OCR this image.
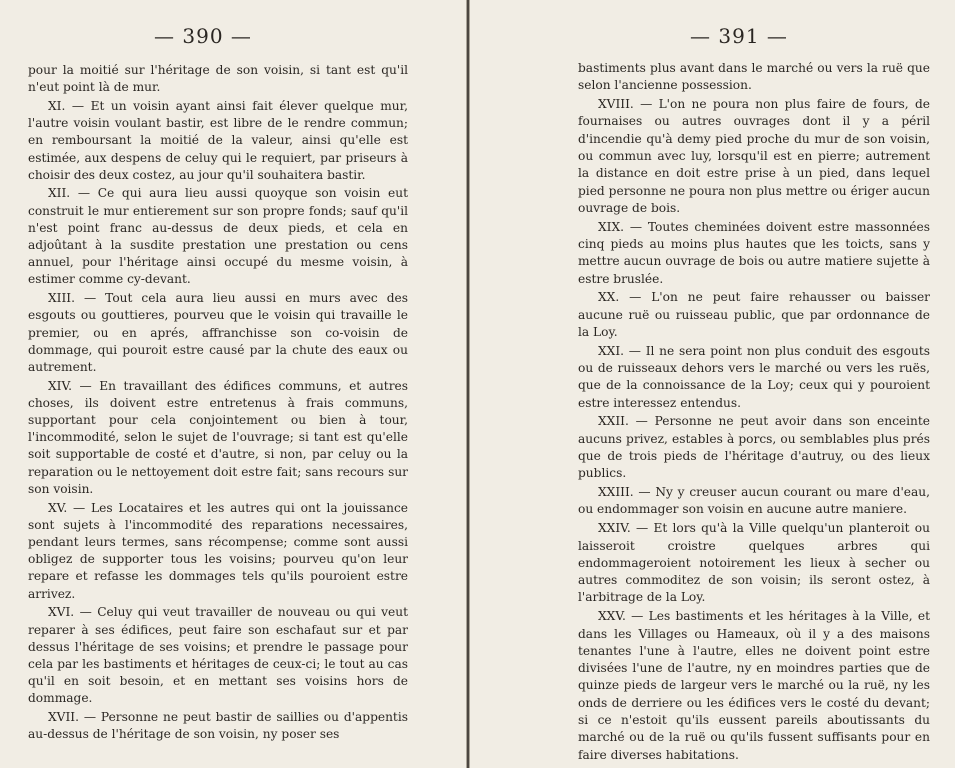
— 390 —

pour la moitié sur l'héritage de son voisin, si tant est qu'il n'eut point là de mur.

XI. — Et un voisin ayant ainsi fait élever quelque mur, l'autre voisin voulant bastir, est libre de le rendre commun; en remboursant la moitié de la valeur, ainsi qu'elle est estimée, aux despens de celuy qui le requiert, par priseurs à choisir des deux costez, au jour qu'il souhaitera bastir.

XII. — Ce qui aura lieu aussi quoyque son voisin eut construit le mur entierement sur son propre fonds; sauf qu'il n'est point franc au-dessus de deux pieds, et cela en adjoûtant à la susdite prestation une prestation ou cens annuel, pour l'héritage ainsi occupé du mesme voisin, à estimer comme cy-devant.

XIII. — Tout cela aura lieu aussi en murs avec des esgouts ou gouttieres, pourveu que le voisin qui travaille le premier, ou en aprés, affranchisse son co-voisin de dommage, qui pouroit estre causé par la chute des eaux ou autrement.

XIV. — En travaillant des édifices communs, et autres choses, ils doivent estre entretenus à frais communs, supportant pour cela conjointement ou bien à tour, l'incommodité, selon le sujet de l'ouvrage; si tant est qu'elle soit supportable de costé et d'autre, si non, par celuy ou la reparation ou le nettoyement doit estre fait; sans recours sur son voisin.

XV. — Les Locataires et les autres qui ont la jouissance sont sujets à l'incommodité des reparations necessaires, pendant leurs termes, sans récompense; comme sont aussi obligez de supporter tous les voisins; pourveu qu'on leur repare et refasse les dommages tels qu'ils pouroient estre arrivez.

XVI. — Celuy qui veut travailler de nouveau ou qui veut reparer à ses édifices, peut faire son eschafaut sur et par dessus l'héritage de ses voisins; et prendre le passage pour cela par les bastiments et héritages de ceux-ci; le tout au cas qu'il en soit besoin, et en mettant ses voisins hors de dommage.

XVII. — Personne ne peut bastir de saillies ou d'appentis au-dessus de l'héritage de son voisin, ny poser ses

— 391 —

bastiments plus avant dans le marché ou vers la ruë que selon l'ancienne possession.

XVIII. — L'on ne poura non plus faire de fours, de fournaises ou autres ouvrages dont il y a péril d'incendie qu'à demy pied proche du mur de son voisin, ou commun avec luy, lorsqu'il est en pierre; autrement la distance en doit estre prise à un pied, dans lequel pied personne ne poura non plus mettre ou ériger aucun ouvrage de bois.

XIX. — Toutes cheminées doivent estre massonnées cinq pieds au moins plus hautes que les toicts, sans y mettre aucun ouvrage de bois ou autre matiere sujette à estre bruslée.

XX. — L'on ne peut faire rehausser ou baisser aucune ruë ou ruisseau public, que par ordonnance de la Loy.

XXI. — Il ne sera point non plus conduit des esgouts ou de ruisseaux dehors vers le marché ou vers les ruës, que de la connoissance de la Loy; ceux qui y pouroient estre interessez entendus.

XXII. — Personne ne peut avoir dans son enceinte aucuns privez, estables à porcs, ou semblables plus prés que de trois pieds de l'héritage d'autruy, ou des lieux publics.

XXIII. — Ny y creuser aucun courant ou mare d'eau, ou endommager son voisin en aucune autre maniere.

XXIV. — Et lors qu'à la Ville quelqu'un planteroit ou laisseroit croistre quelques arbres qui endommageroient notoirement les lieux à secher ou autres commoditez de son voisin; ils seront ostez, à l'arbitrage de la Loy.

XXV. — Les bastiments et les héritages à la Ville, et dans les Villages ou Hameaux, où il y a des maisons tenantes l'une à l'autre, elles ne doivent point estre divisées l'une de l'autre, ny en moindres parties que de quinze pieds de largeur vers le marché ou la ruë, ny les onds de derriere ou les édifices vers le costé du devant; si ce n'estoit qu'ils eussent pareils aboutissants du marché ou de la ruë ou qu'ils fussent suffisants pour en faire diverses habitations.
